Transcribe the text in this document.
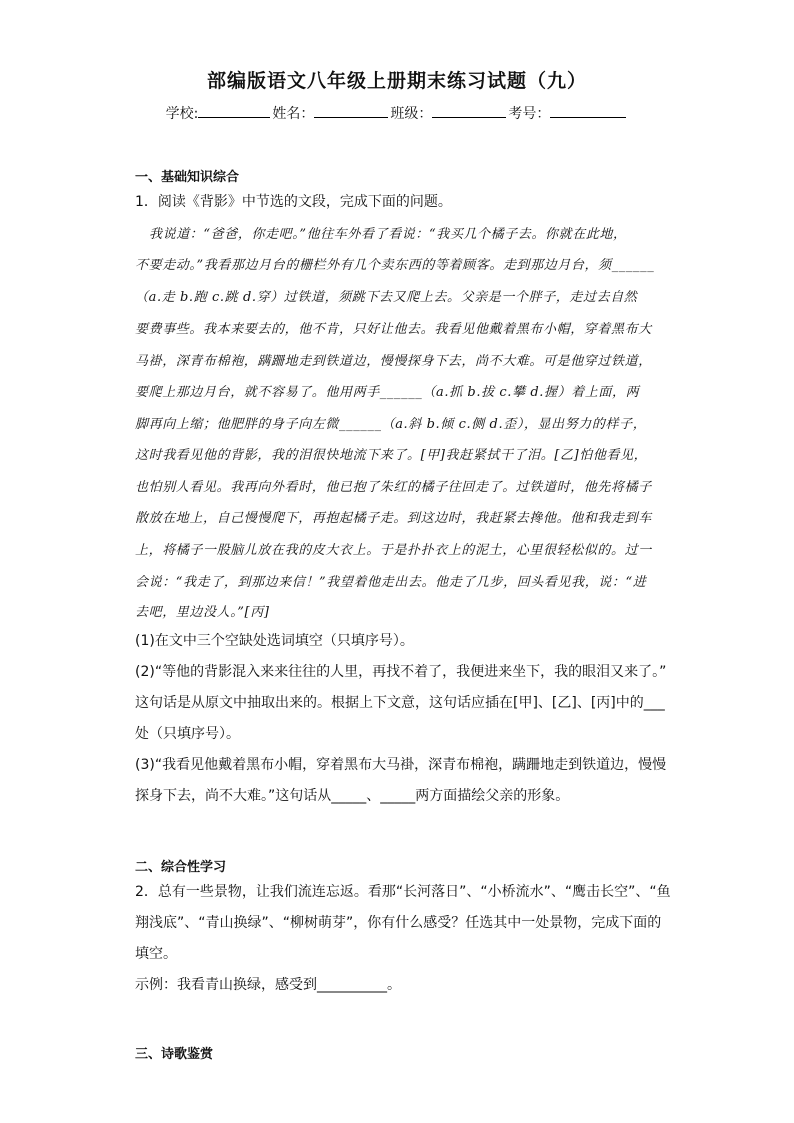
部编版语文八年级上册期末练习试题（九）
学校:	姓名：	班级：	考号：
一、基础知识综合
1．阅读《背影》中节选的文段，完成下面的问题。
我说道：“爸爸，你走吧。”他往车外看了看说：“我买几个橘子去。你就在此地，
不要走动。”我看那边月台的栅栏外有几个卖东西的等着顾客。走到那边月台，须______
（a.走 b.跑 c.跳 d.穿）过铁道，须跳下去又爬上去。父亲是一个胖子，走过去自然
要费事些。我本来要去的，他不肯，只好让他去。我看见他戴着黑布小帽，穿着黑布大
马褂，深青布棉袍，蹒跚地走到铁道边，慢慢探身下去，尚不大难。可是他穿过铁道，
要爬上那边月台，就不容易了。他用两手______（a.抓 b.拔 c.攀 d.握）着上面，两
脚再向上缩；他肥胖的身子向左微______（a.斜 b.倾 c.侧 d.歪），显出努力的样子，
这时我看见他的背影，我的泪很快地流下来了。[甲]我赶紧拭干了泪。[乙]怕他看见，
也怕别人看见。我再向外看时，他已抱了朱红的橘子往回走了。过铁道时，他先将橘子
散放在地上，自己慢慢爬下，再抱起橘子走。到这边时，我赶紧去搀他。他和我走到车
上，将橘子一股脑儿放在我的皮大衣上。于是扑扑衣上的泥土，心里很轻松似的。过一
会说：“我走了，到那边来信！”我望着他走出去。他走了几步，回头看见我，说：“进
去吧，里边没人。”[丙]
(1)在文中三个空缺处选词填空（只填序号）。
(2)“等他的背影混入来来往往的人里，再找不着了，我便进来坐下，我的眼泪又来了。”
这句话是从原文中抽取出来的。根据上下文意，这句话应插在[甲]、[乙]、[丙]中的___
处（只填序号）。
(3)“我看见他戴着黑布小帽，穿着黑布大马褂，深青布棉袍，蹒跚地走到铁道边，慢慢
探身下去，尚不大难。”这句话从_____、_____两方面描绘父亲的形象。
二、综合性学习
2．总有一些景物，让我们流连忘返。看那“长河落日”、“小桥流水”、“鹰击长空”、“鱼
翔浅底”、“青山换绿”、“柳树萌芽”，你有什么感受？任选其中一处景物，完成下面的
填空。
示例：我看青山换绿，感受到__________。
三、诗歌鉴赏
